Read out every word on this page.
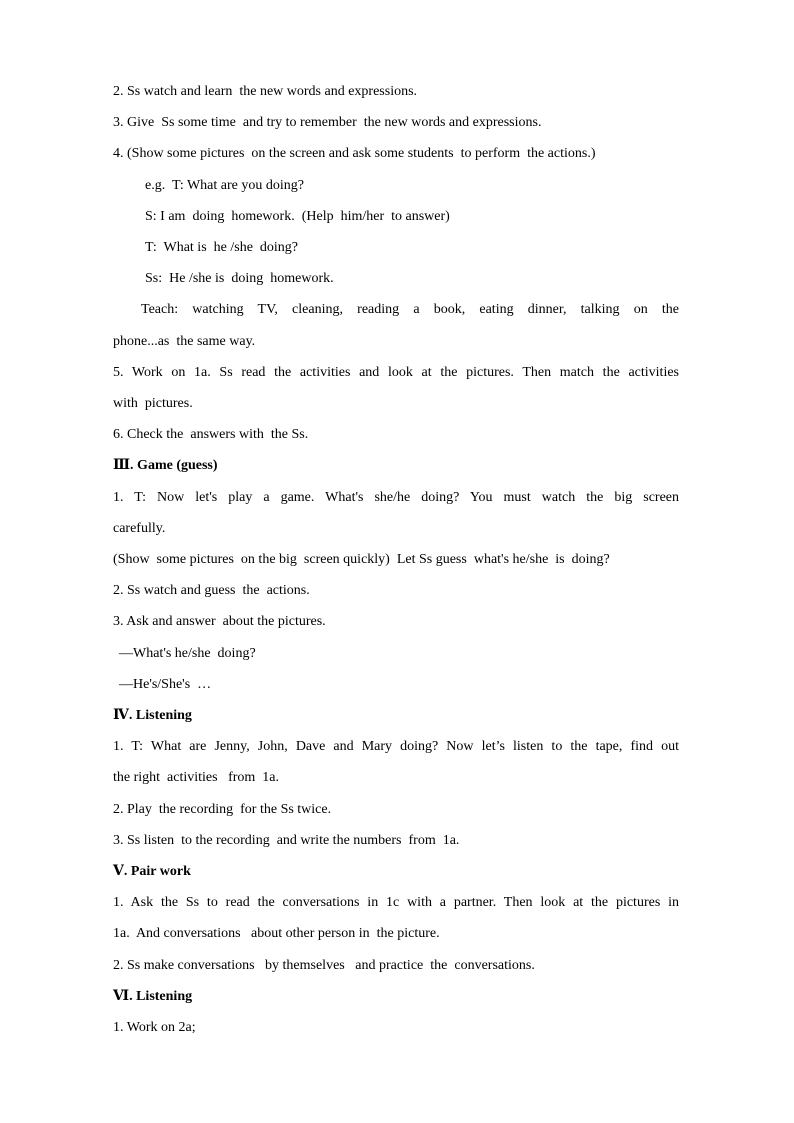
2. Ss watch and learn  the new words and expressions.

3. Give  Ss some time  and try to remember  the new words and expressions.

4. (Show some pictures  on the screen and ask some students  to perform  the actions.)

e.g.  T: What are you doing?

S: I am  doing  homework.  (Help  him/her  to answer)

T:  What is  he /she  doing?

Ss:  He /she is  doing  homework.

Teach: watching TV, cleaning, reading a book, eating dinner, talking on the

phone...as  the same way.

5. Work on 1a. Ss read the activities and look at the pictures. Then match the activities

with  pictures.

6. Check the  answers with  the Ss.

Ⅲ. Game (guess)

1. T: Now let's play a game. What's she/he doing? You must watch the big screen

carefully.

(Show  some pictures  on the big  screen quickly)  Let Ss guess  what's he/she  is  doing?

2. Ss watch and guess  the  actions.

3. Ask and answer  about the pictures.

—What's he/she  doing?

—He's/She's  …

Ⅳ. Listening

1. T: What are Jenny, John, Dave and Mary doing? Now let’s listen to the tape, find out

the right  activities   from  1a.

2. Play  the recording  for the Ss twice.

3. Ss listen  to the recording  and write the numbers  from  1a.

Ⅴ. Pair work

1. Ask the Ss to read the conversations in 1c with a partner. Then look at the pictures in

1a.  And conversations   about other person in  the picture.

2. Ss make conversations   by themselves   and practice  the  conversations.

Ⅵ. Listening

1. Work on 2a;
